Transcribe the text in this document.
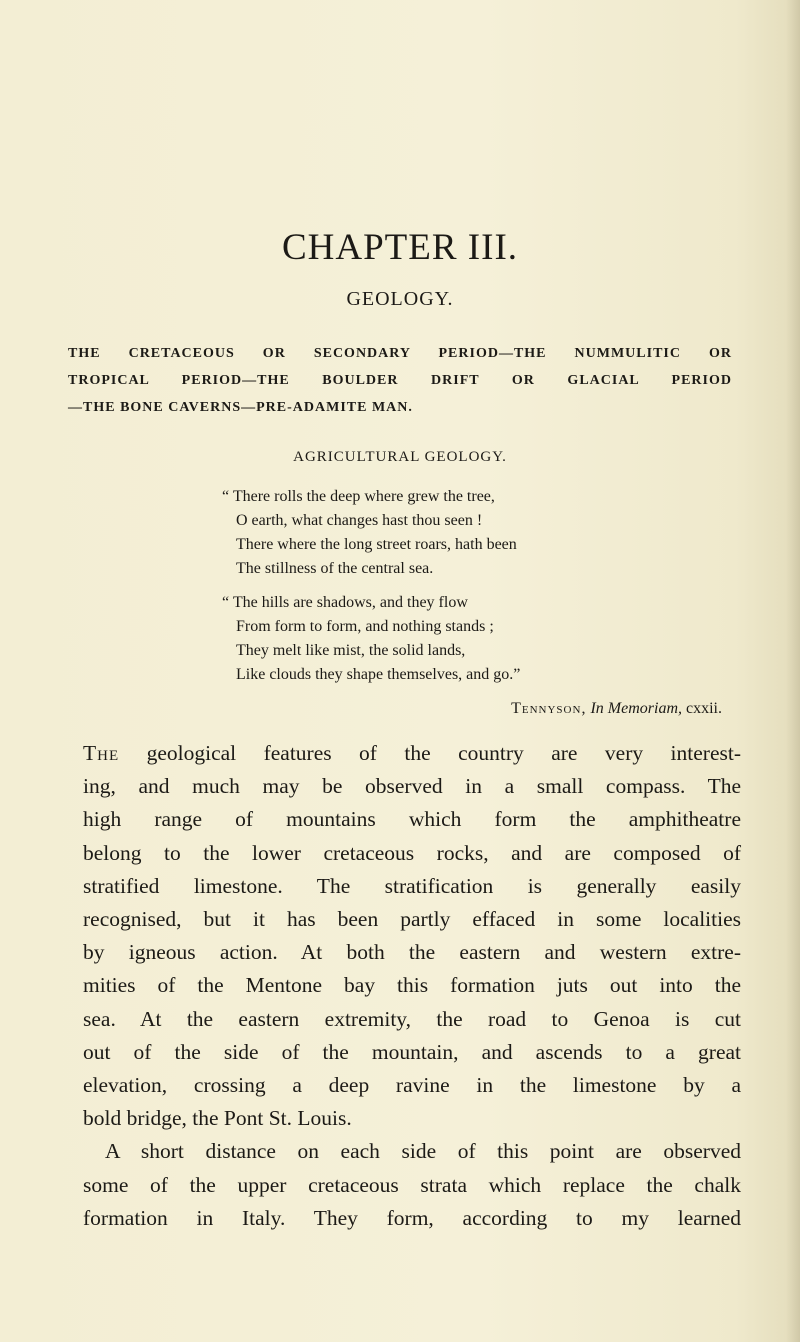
CHAPTER III.
GEOLOGY.
THE CRETACEOUS OR SECONDARY PERIOD—THE NUMMULITIC OR
TROPICAL PERIOD—THE BOULDER DRIFT OR GLACIAL PERIOD
—THE BONE CAVERNS—PRE-ADAMITE MAN.
AGRICULTURAL GEOLOGY.
“ There rolls the deep where grew the tree,
O earth, what changes hast thou seen !
There where the long street roars, hath been
The stillness of the central sea.
“ The hills are shadows, and they flow
From form to form, and nothing stands ;
They melt like mist, the solid lands,
Like clouds they shape themselves, and go.”
Tennyson, In Memoriam, cxxii.
The geological features of the country are very interest-
ing, and much may be observed in a small compass. The
high range of mountains which form the amphitheatre
belong to the lower cretaceous rocks, and are composed of
stratified limestone. The stratification is generally easily
recognised, but it has been partly effaced in some localities
by igneous action. At both the eastern and western extre-
mities of the Mentone bay this formation juts out into the
sea. At the eastern extremity, the road to Genoa is cut
out of the side of the mountain, and ascends to a great
elevation, crossing a deep ravine in the limestone by a
bold bridge, the Pont St. Louis.
A short distance on each side of this point are observed
some of the upper cretaceous strata which replace the chalk
formation in Italy. They form, according to my learned
